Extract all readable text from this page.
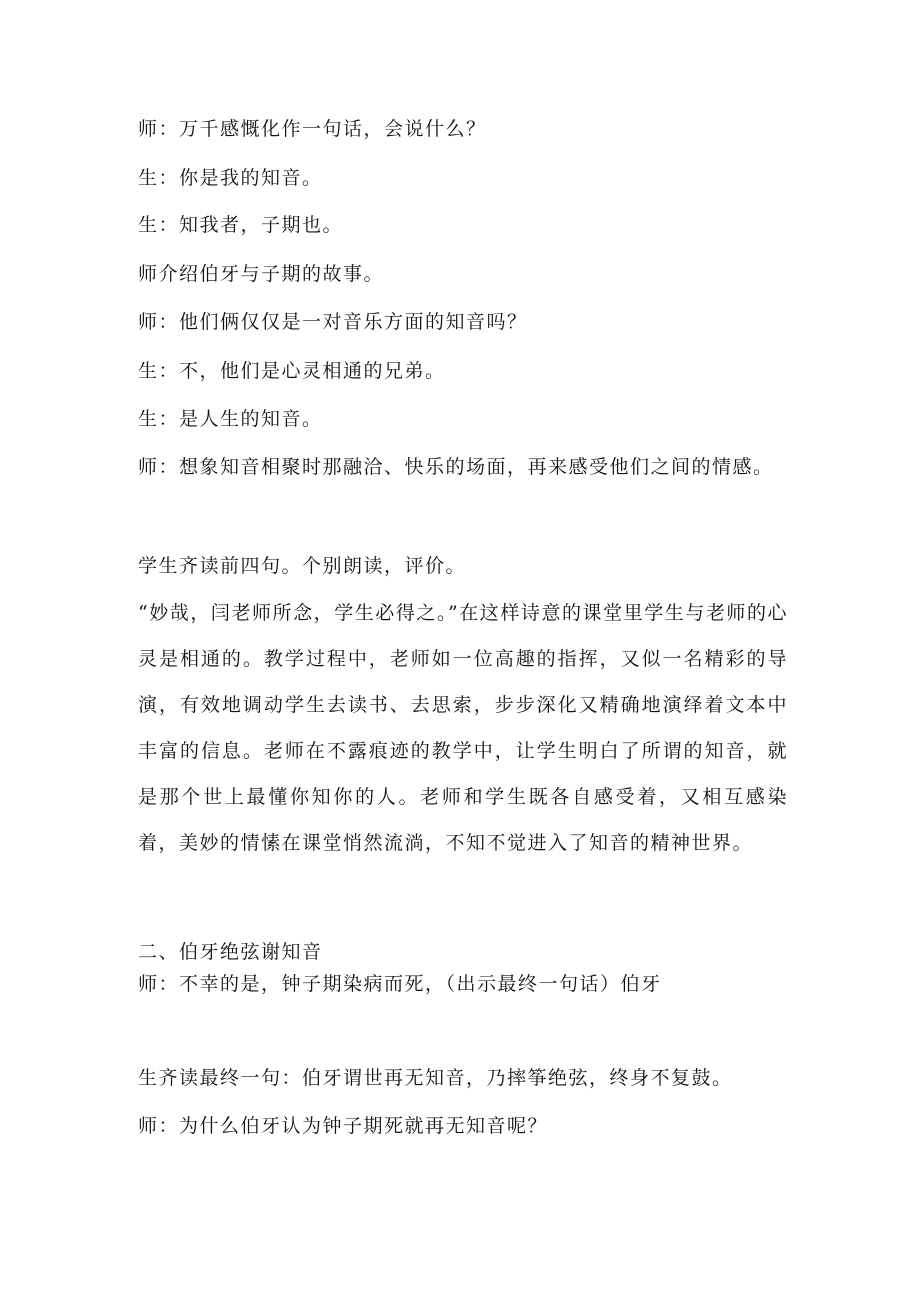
师：万千感慨化作一句话，会说什么？
生：你是我的知音。
生：知我者，子期也。
师介绍伯牙与子期的故事。
师：他们俩仅仅是一对音乐方面的知音吗？
生：不，他们是心灵相通的兄弟。
生：是人生的知音。
师：想象知音相聚时那融洽、快乐的场面，再来感受他们之间的情感。
学生齐读前四句。个别朗读，评价。
“妙哉，闫老师所念，学生必得之。”在这样诗意的课堂里学生与老师的心灵是相通的。教学过程中，老师如一位高趣的指挥，又似一名精彩的导演，有效地调动学生去读书、去思索，步步深化又精确地演绎着文本中丰富的信息。老师在不露痕迹的教学中，让学生明白了所谓的知音，就是那个世上最懂你知你的人。老师和学生既各自感受着，又相互感染着，美妙的情愫在课堂悄然流淌，不知不觉进入了知音的精神世界。
二、伯牙绝弦谢知音
师：不幸的是，钟子期染病而死，（出示最终一句话）伯牙
生齐读最终一句：伯牙谓世再无知音，乃摔筝绝弦，终身不复鼓。
师：为什么伯牙认为钟子期死就再无知音呢？
